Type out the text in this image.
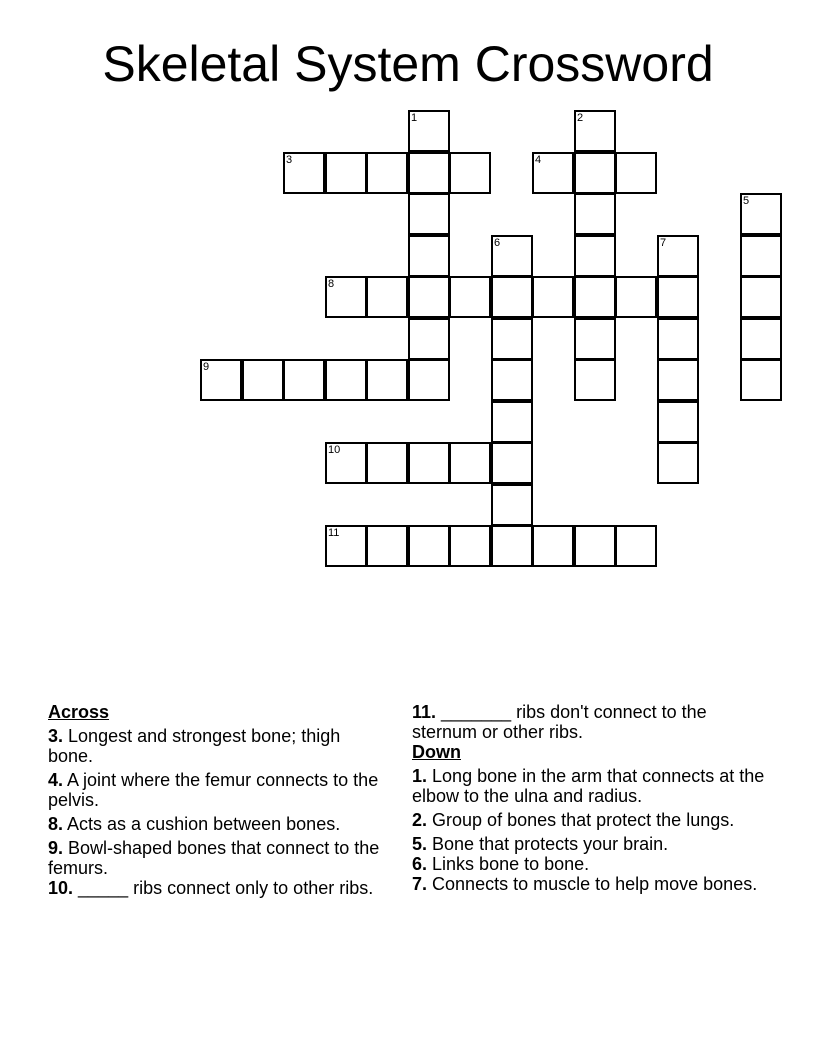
Skeletal System Crossword
1	2
3	4
5
6	7
8
9
10
11
Across
3. Longest and strongest bone; thigh bone.
4. A joint where the femur connects to the pelvis.
8. Acts as a cushion between bones.
9. Bowl-shaped bones that connect to the femurs.
10. _____ ribs connect only to other ribs.
11. _______ ribs don't connect to the sternum or other ribs.
Down
1. Long bone in the arm that connects at the elbow to the ulna and radius.
2. Group of bones that protect the lungs.
5. Bone that protects your brain.
6. Links bone to bone.
7. Connects to muscle to help move bones.
